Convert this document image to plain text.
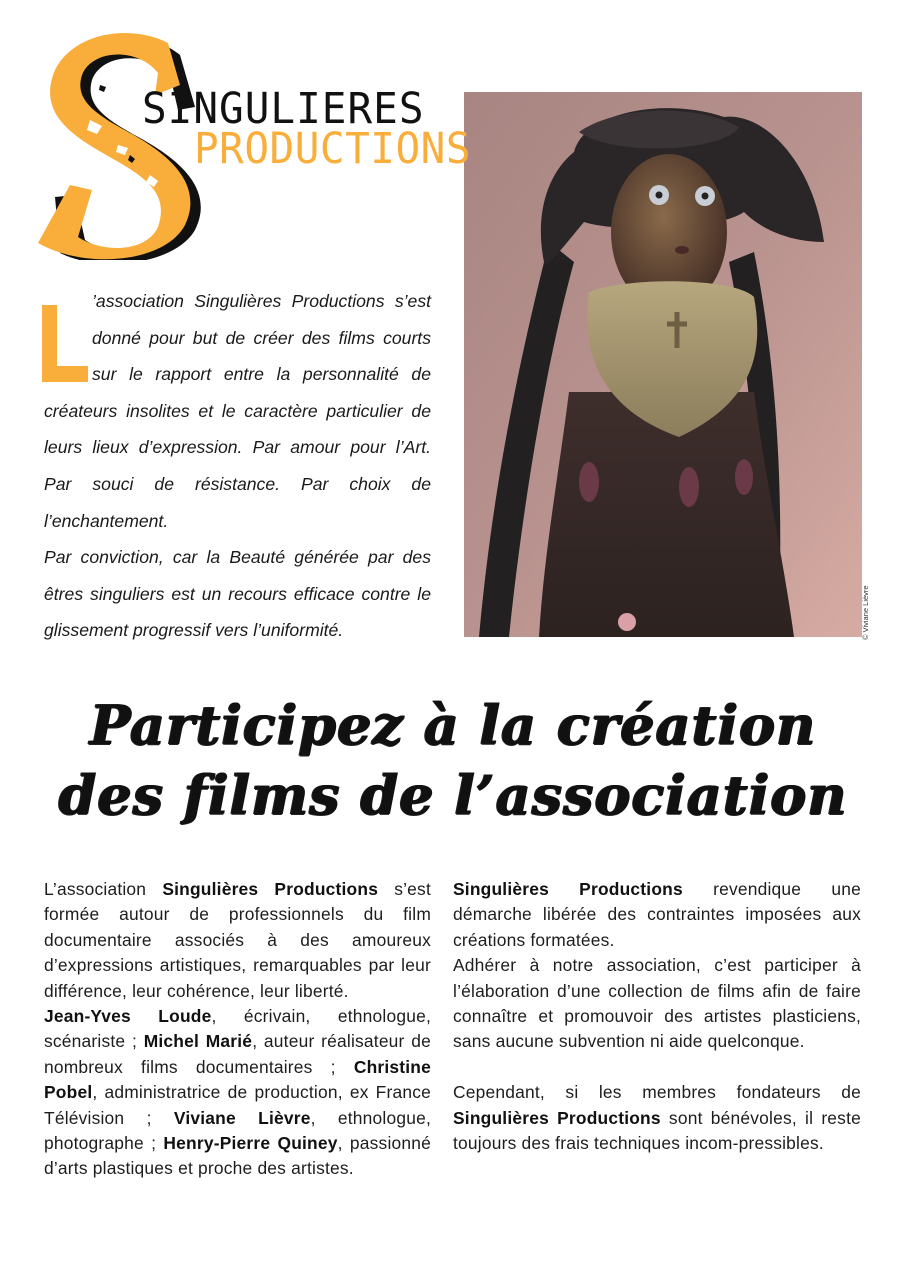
SINGULIERES
PRODUCTIONS

’association Singulières Productions s’est donné pour but de créer des films courts sur le rapport entre la personnalité de créateurs insolites et le caractère particulier de leurs lieux d’expression. Par amour pour l’Art. Par souci de résistance. Par choix de l’enchantement.

Par conviction, car la Beauté générée par des êtres singuliers est un recours efficace contre le glissement progressif vers l’uniformité.	© Viviane Lièvre
Participez à la création
des films de l’association

L’association Singulières Productions s’est formée autour de professionnels du film documentaire associés à des amoureux d’expressions artistiques, remarquables par leur différence, leur cohérence, leur liberté.

Jean-Yves Loude, écrivain, ethnologue, scénariste ; Michel Marié, auteur réalisateur de nombreux films documentaires ; Christine Pobel, administratrice de production, ex France Télévision ; Viviane Lièvre, ethnologue, photographe ; Henry-Pierre Quiney, passionné d’arts plastiques et proche des artistes.

Singulières Productions revendique une démarche libérée des contraintes imposées aux créations formatées.

Adhérer à notre association, c’est participer à l’élaboration d’une collection de films afin de faire connaître et promouvoir des artistes plasticiens, sans aucune subvention ni aide quelconque.

Cependant, si les membres fondateurs de Singulières Productions sont bénévoles, il reste toujours des frais techniques incom-pressibles.
